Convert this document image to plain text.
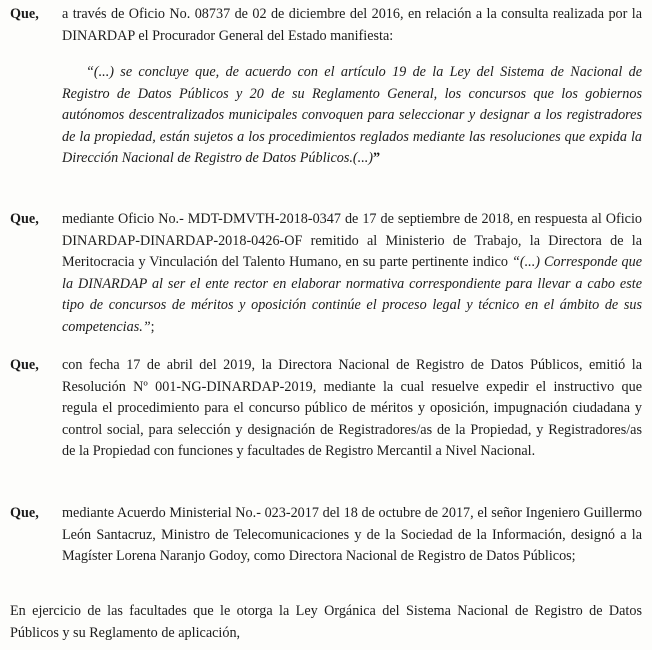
Que, a través de Oficio No. 08737 de 02 de diciembre del 2016, en relación a la consulta realizada por la DINARDAP el Procurador General del Estado manifiesta:
“(...) se concluye que, de acuerdo con el artículo 19 de la Ley del Sistema de Nacional de Registro de Datos Públicos y 20 de su Reglamento General, los concursos que los gobiernos autónomos descentralizados municipales convoquen para seleccionar y designar a los registradores de la propiedad, están sujetos a los procedimientos reglados mediante las resoluciones que expida la Dirección Nacional de Registro de Datos Públicos.(...)”
Que, mediante Oficio No.- MDT-DMVTH-2018-0347 de 17 de septiembre de 2018, en respuesta al Oficio DINARDAP-DINARDAP-2018-0426-OF remitido al Ministerio de Trabajo, la Directora de la Meritocracia y Vinculación del Talento Humano, en su parte pertinente indico “(...) Corresponde que la DINARDAP al ser el ente rector en elaborar normativa correspondiente para llevar a cabo este tipo de concursos de méritos y oposición continúe el proceso legal y técnico en el ámbito de sus competencias.”;
Que, con fecha 17 de abril del 2019, la Directora Nacional de Registro de Datos Públicos, emitió la Resolución Nº 001-NG-DINARDAP-2019, mediante la cual resuelve expedir el instructivo que regula el procedimiento para el concurso público de méritos y oposición, impugnación ciudadana y control social, para selección y designación de Registradores/as de la Propiedad, y Registradores/as de la Propiedad con funciones y facultades de Registro Mercantil a Nivel Nacional.
Que, mediante Acuerdo Ministerial No.- 023-2017 del 18 de octubre de 2017, el señor Ingeniero Guillermo León Santacruz, Ministro de Telecomunicaciones y de la Sociedad de la Información, designó a la Magíster Lorena Naranjo Godoy, como Directora Nacional de Registro de Datos Públicos;
En ejercicio de las facultades que le otorga la Ley Orgánica del Sistema Nacional de Registro de Datos Públicos y su Reglamento de aplicación,
